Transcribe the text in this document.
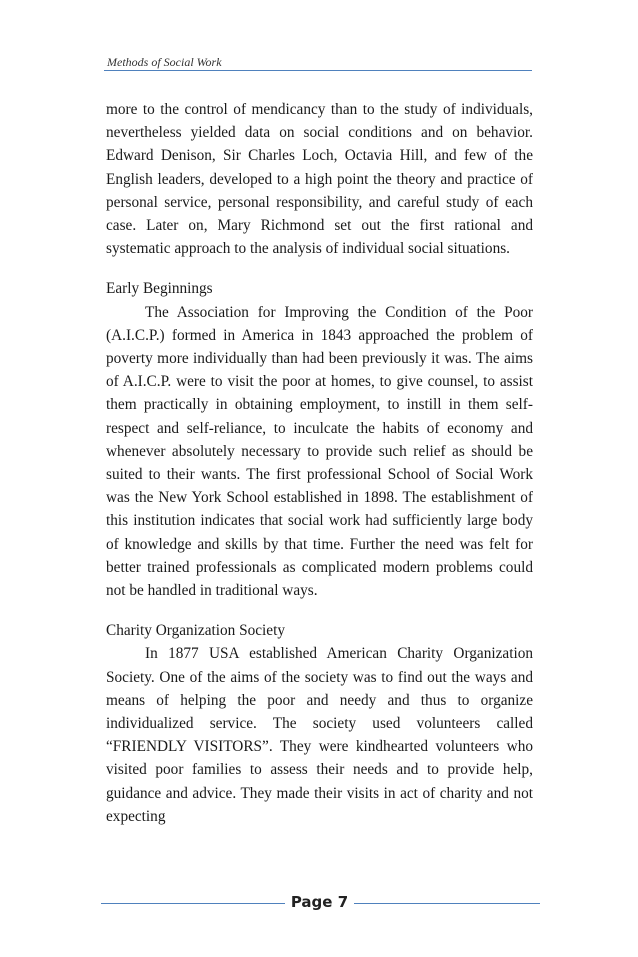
Methods of Social Work

more to the control of mendicancy than to the study of individuals, nevertheless yielded data on social conditions and on behavior. Edward Denison, Sir Charles Loch, Octavia Hill, and few of the English leaders, developed to a high point the theory and practice of personal service, personal responsibility, and careful study of each case. Later on, Mary Richmond set out the first rational and systematic approach to the analysis of individual social situations.

Early Beginnings

The Association for Improving the Condition of the Poor (A.I.C.P.) formed in America in 1843 approached the problem of poverty more individually than had been previously it was. The aims of A.I.C.P. were to visit the poor at homes, to give counsel, to assist them practically in obtaining employment, to instill in them self-respect and self-reliance, to inculcate the habits of economy and whenever absolutely necessary to provide such relief as should be suited to their wants. The first professional School of Social Work was the New York School established in 1898. The establishment of this institution indicates that social work had sufficiently large body of knowledge and skills by that time. Further the need was felt for better trained professionals as complicated modern problems could not be handled in traditional ways.

Charity Organization Society

In 1877 USA established American Charity Organization Society. One of the aims of the society was to find out the ways and means of helping the poor and needy and thus to organize individualized service. The society used volunteers called “FRIENDLY VISITORS”. They were kindhearted volunteers who visited poor families to assess their needs and to provide help, guidance and advice. They made their visits in act of charity and not expecting

Page 7
